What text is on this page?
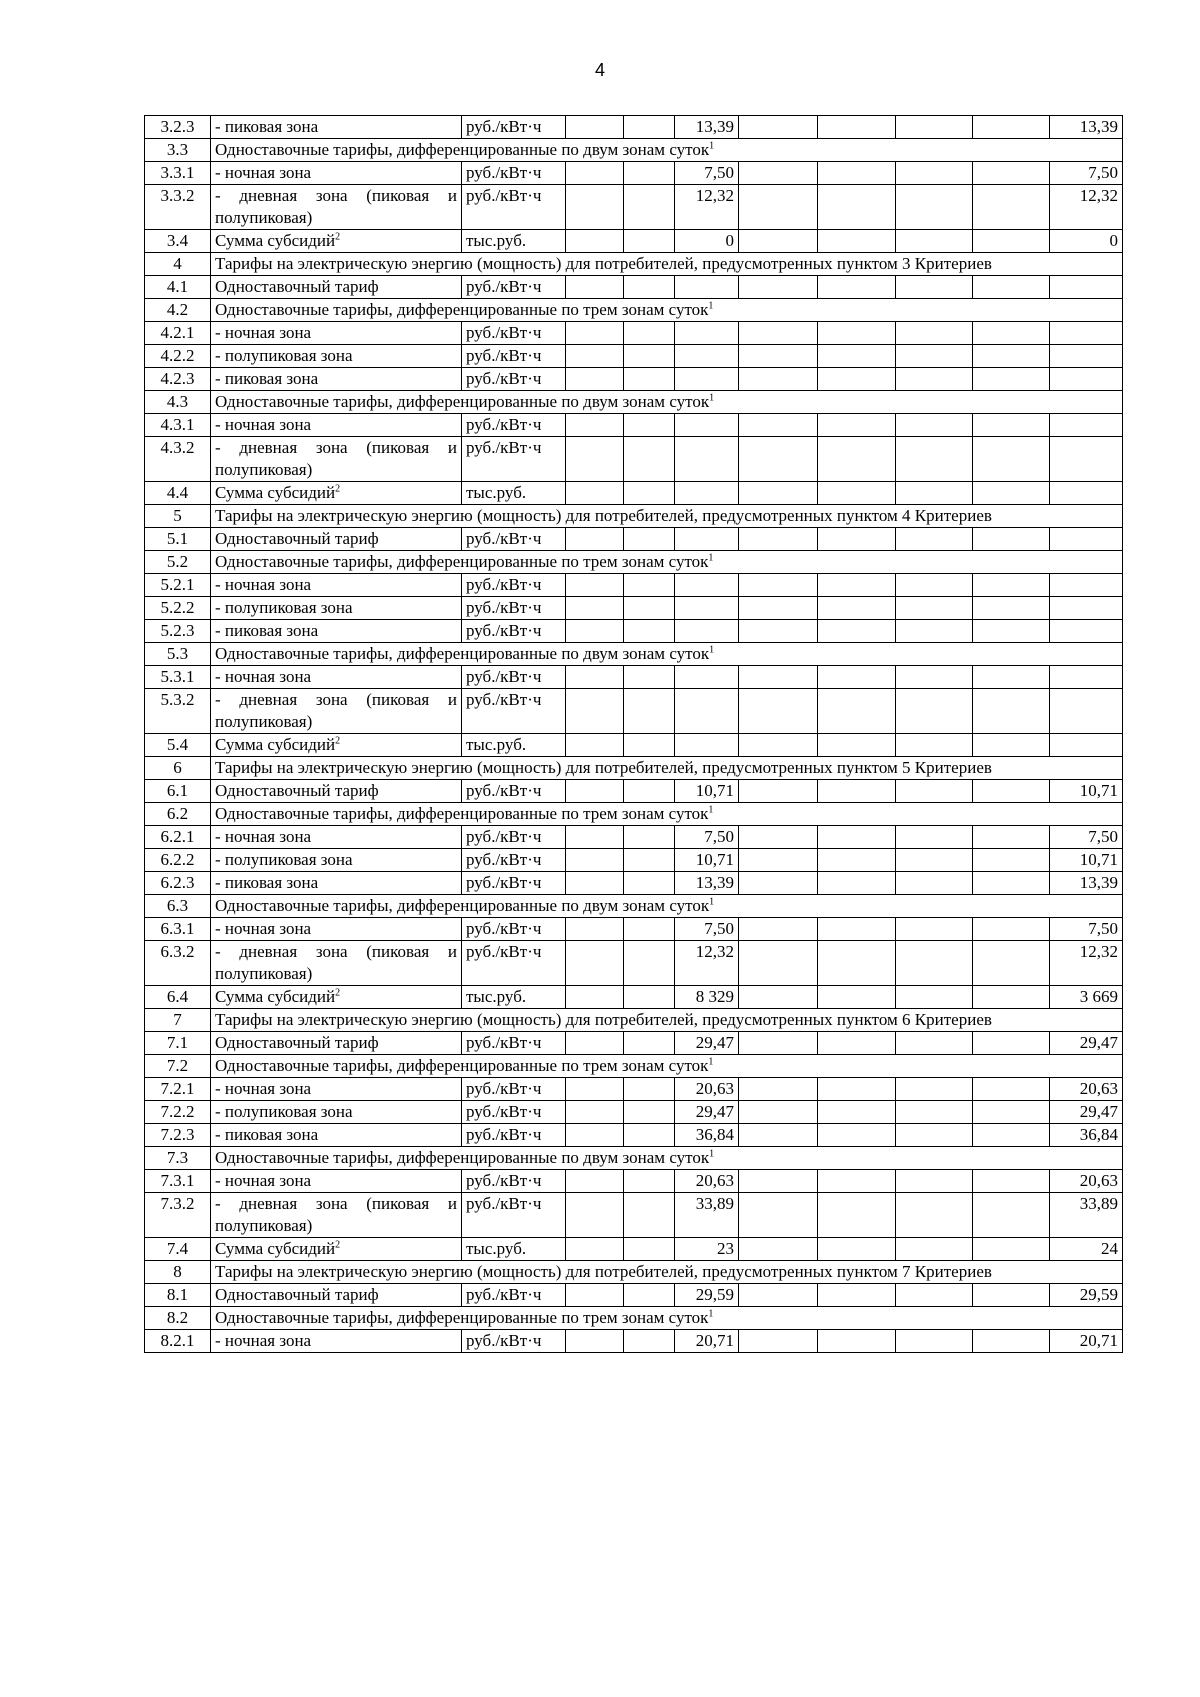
4
3.2.3	- пиковая зона	руб./кВт·ч			13,39					13,39
3.3	Одноставочные тарифы, дифференцированные по двум зонам суток$^1$
3.3.1	- ночная зона	руб./кВт·ч			7,50					7,50
3.3.2	- дневная зона (пиковая и полупиковая)	руб./кВт·ч			12,32					12,32
3.4	Сумма субсидий$^2$	тыс.руб.			0					0
4	Тарифы на электрическую энергию (мощность) для потребителей, предусмотренных пунктом 3 Критериев									
4.1	Одноставочный тариф	руб./кВт·ч								
4.2	Одноставочные тарифы, дифференцированные по трем зонам суток$^1$
4.2.1	- ночная зона	руб./кВт·ч								
4.2.2	- полупиковая зона	руб./кВт·ч								
4.2.3	- пиковая зона	руб./кВт·ч								
4.3	Одноставочные тарифы, дифференцированные по двум зонам суток$^1$
4.3.1	- ночная зона	руб./кВт·ч								
4.3.2	- дневная зона (пиковая и полупиковая)	руб./кВт·ч								
4.4	Сумма субсидий$^2$	тыс.руб.								
5	Тарифы на электрическую энергию (мощность) для потребителей, предусмотренных пунктом 4 Критериев									
5.1	Одноставочный тариф	руб./кВт·ч								
5.2	Одноставочные тарифы, дифференцированные по трем зонам суток$^1$
5.2.1	- ночная зона	руб./кВт·ч								
5.2.2	- полупиковая зона	руб./кВт·ч								
5.2.3	- пиковая зона	руб./кВт·ч								
5.3	Одноставочные тарифы, дифференцированные по двум зонам суток$^1$
5.3.1	- ночная зона	руб./кВт·ч								
5.3.2	- дневная зона (пиковая и полупиковая)	руб./кВт·ч								
5.4	Сумма субсидий$^2$	тыс.руб.								
6	Тарифы на электрическую энергию (мощность) для потребителей, предусмотренных пунктом 5 Критериев									
6.1	Одноставочный тариф	руб./кВт·ч			10,71					10,71
6.2	Одноставочные тарифы, дифференцированные по трем зонам суток$^1$
6.2.1	- ночная зона	руб./кВт·ч			7,50					7,50
6.2.2	- полупиковая зона	руб./кВт·ч			10,71					10,71
6.2.3	- пиковая зона	руб./кВт·ч			13,39					13,39
6.3	Одноставочные тарифы, дифференцированные по двум зонам суток$^1$
6.3.1	- ночная зона	руб./кВт·ч			7,50					7,50
6.3.2	- дневная зона (пиковая и полупиковая)	руб./кВт·ч			12,32					12,32
6.4	Сумма субсидий$^2$	тыс.руб.			8 329					3 669
7	Тарифы на электрическую энергию (мощность) для потребителей, предусмотренных пунктом 6 Критериев									
7.1	Одноставочный тариф	руб./кВт·ч			29,47					29,47
7.2	Одноставочные тарифы, дифференцированные по трем зонам суток$^1$
7.2.1	- ночная зона	руб./кВт·ч			20,63					20,63
7.2.2	- полупиковая зона	руб./кВт·ч			29,47					29,47
7.2.3	- пиковая зона	руб./кВт·ч			36,84					36,84
7.3	Одноставочные тарифы, дифференцированные по двум зонам суток$^1$
7.3.1	- ночная зона	руб./кВт·ч			20,63					20,63
7.3.2	- дневная зона (пиковая и полупиковая)	руб./кВт·ч			33,89					33,89
7.4	Сумма субсидий$^2$	тыс.руб.			23					24
8	Тарифы на электрическую энергию (мощность) для потребителей, предусмотренных пунктом 7 Критериев									
8.1	Одноставочный тариф	руб./кВт·ч			29,59					29,59
8.2	Одноставочные тарифы, дифференцированные по трем зонам суток$^1$
8.2.1	- ночная зона	руб./кВт·ч			20,71					20,71
